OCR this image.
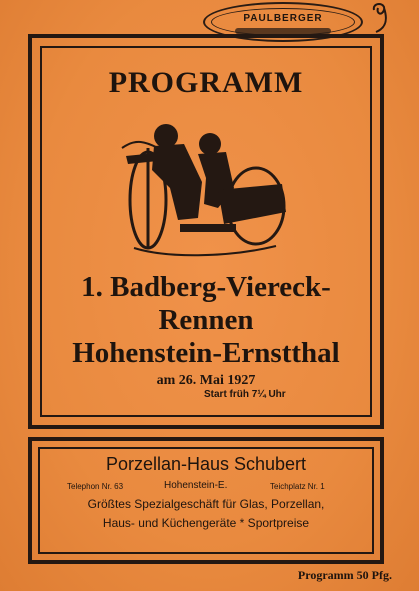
PAULBERGER
PROGRAMM
1. Badberg-Viereck-
Rennen
Hohenstein-Ernstthal
am 26. Mai 1927
Start früh 7¼ Uhr
Porzellan-Haus Schubert
Telephon Nr. 63	Hohenstein-E.	Teichplatz Nr. 1
Größtes Spezialgeschäft für Glas, Porzellan,
Haus- und Küchengeräte * Sportpreise
Programm 50 Pfg.
